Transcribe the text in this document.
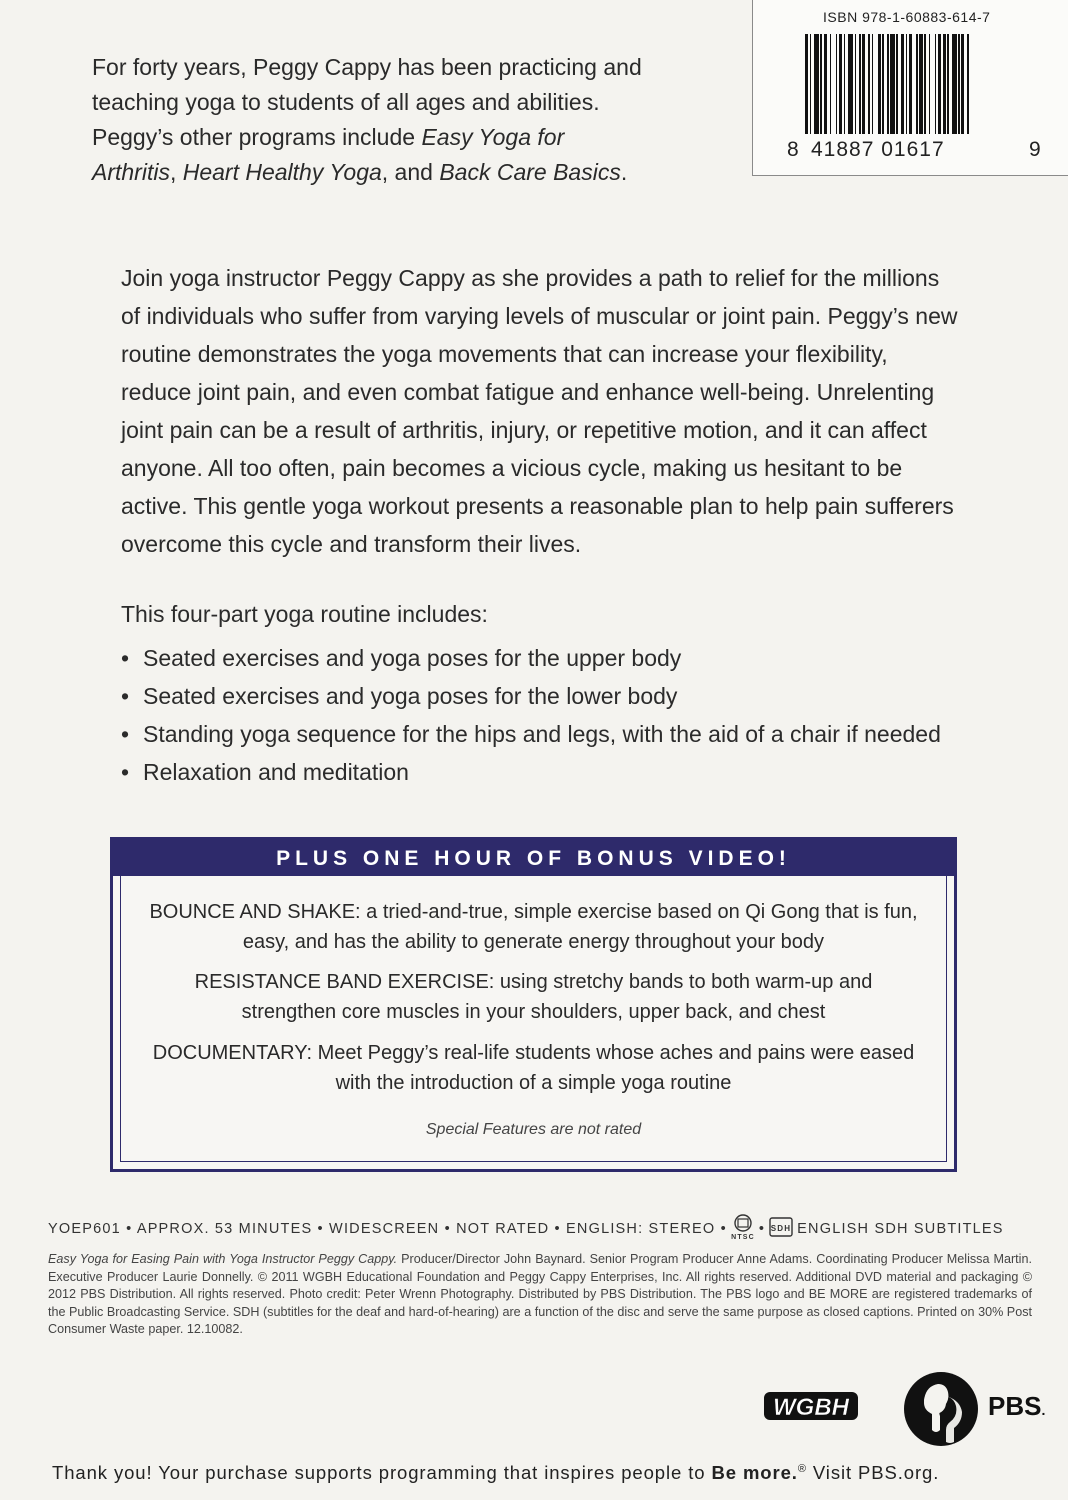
ISBN 978-1-60883-614-7
8 41887 01617	9
For forty years, Peggy Cappy has been practicing and teaching yoga to students of all ages and abilities. Peggy’s other programs include Easy Yoga for Arthritis, Heart Healthy Yoga, and Back Care Basics.
Join yoga instructor Peggy Cappy as she provides a path to relief for the millions of individuals who suffer from varying levels of muscular or joint pain. Peggy’s new routine demonstrates the yoga movements that can increase your flexibility, reduce joint pain, and even combat fatigue and enhance well-being. Unrelenting joint pain can be a result of arthritis, injury, or repetitive motion, and it can affect anyone. All too often, pain becomes a vicious cycle, making us hesitant to be active. This gentle yoga workout presents a reasonable plan to help pain sufferers overcome this cycle and transform their lives.
This four-part yoga routine includes:
• Seated exercises and yoga poses for the upper body
• Seated exercises and yoga poses for the lower body
• Standing yoga sequence for the hips and legs, with the aid of a chair if needed
• Relaxation and meditation
PLUS ONE HOUR OF BONUS VIDEO!
BOUNCE AND SHAKE: a tried-and-true, simple exercise based on Qi Gong that is fun,
easy, and has the ability to generate energy throughout your body
RESISTANCE BAND EXERCISE: using stretchy bands to both warm-up and
strengthen core muscles in your shoulders, upper back, and chest
DOCUMENTARY: Meet Peggy’s real-life students whose aches and pains were eased
with the introduction of a simple yoga routine
Special Features are not rated
YOEP601 • APPROX. 53 MINUTES • WIDESCREEN • NOT RATED • ENGLISH: STEREO •
NTSC
• SDH ENGLISH SDH SUBTITLES
Easy Yoga for Easing Pain with Yoga Instructor Peggy Cappy. Producer/Director John Baynard. Senior Program Producer Anne Adams. Coordinating Producer Melissa Martin. Executive Producer Laurie Donnelly. © 2011 WGBH Educational Foundation and Peggy Cappy Enterprises, Inc. All rights reserved. Additional DVD material and packaging © 2012 PBS Distribution. All rights reserved. Photo credit: Peter Wrenn Photography. Distributed by PBS Distribution. The PBS logo and BE MORE are registered trademarks of the Public Broadcasting Service. SDH (subtitles for the deaf and hard-of-hearing) are a function of the disc and serve the same purpose as closed captions. Printed on 30% Post Consumer Waste paper. 12.10082.
WGBH	PBS.
Thank you! Your purchase supports programming that inspires people to Be more.® Visit PBS.org.
